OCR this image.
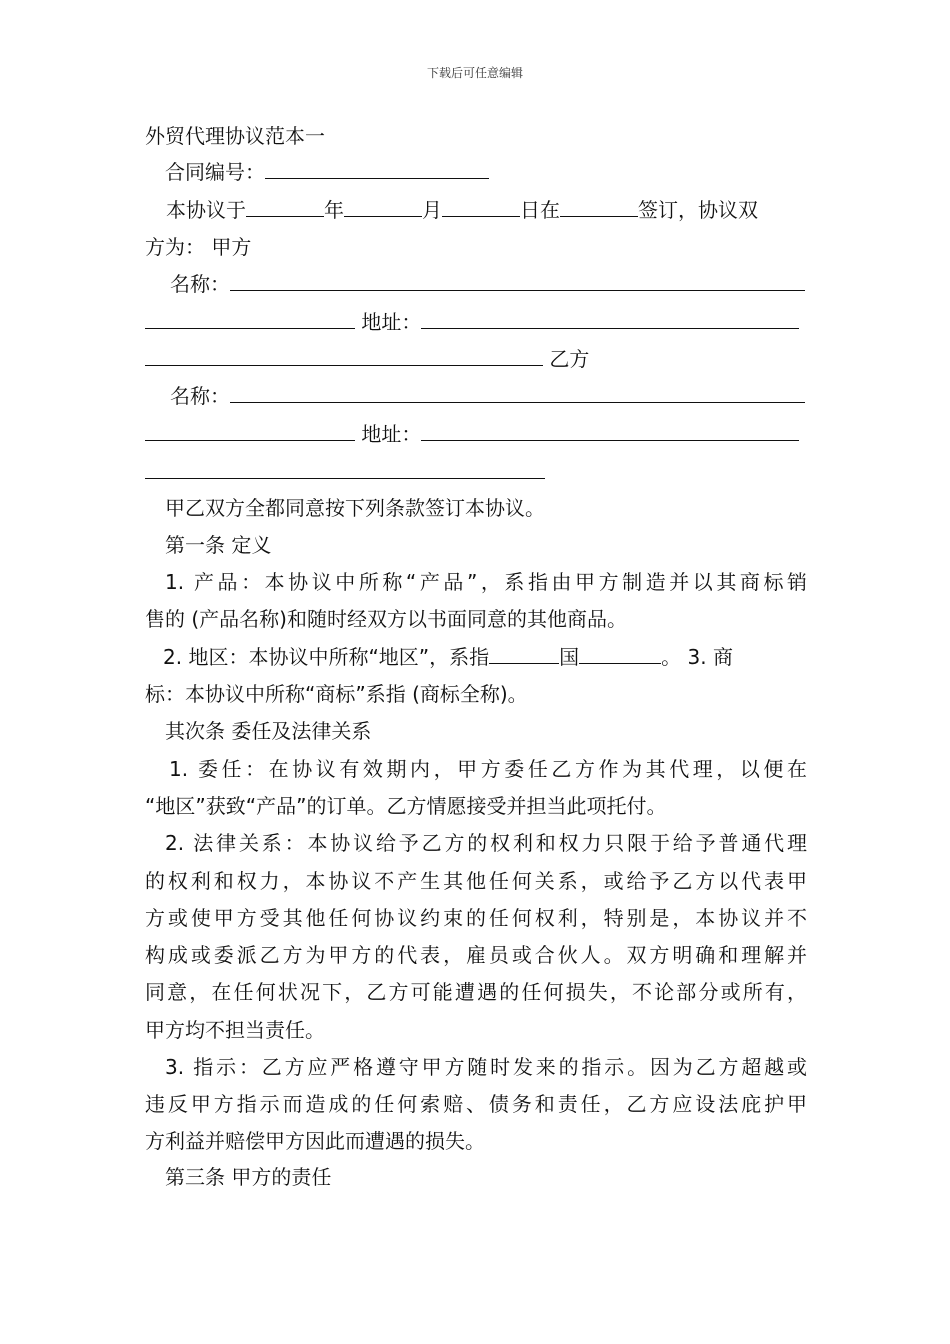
下载后可任意编辑
外贸代理协议范本一
合同编号：
本协议于	年	月	日在	签订，协议双
方为： 甲方
名称：
地址：
乙方
名称：
地址：
甲乙双方全都同意按下列条款签订本协议。
第一条 定义
1. 产品：本协议中所称“产品”，系指由甲方制造并以其商标销
售的 (产品名称)和随时经双方以书面同意的其他商品。
2. 地区：本协议中所称“地区”，系指	国	。 3. 商
标：本协议中所称“商标”系指 (商标全称)。
其次条 委任及法律关系
1. 委任：在协议有效期内，甲方委任乙方作为其代理，以便在
“地区”获致“产品”的订单。乙方情愿接受并担当此项托付。
2. 法律关系：本协议给予乙方的权利和权力只限于给予普通代理
的权利和权力，本协议不产生其他任何关系，或给予乙方以代表甲
方或使甲方受其他任何协议约束的任何权利，特别是，本协议并不
构成或委派乙方为甲方的代表，雇员或合伙人。双方明确和理解并
同意，在任何状况下，乙方可能遭遇的任何损失，不论部分或所有，
甲方均不担当责任。
3. 指示：乙方应严格遵守甲方随时发来的指示。因为乙方超越或
违反甲方指示而造成的任何索赔、债务和责任，乙方应设法庇护甲
方利益并赔偿甲方因此而遭遇的损失。
第三条 甲方的责任
